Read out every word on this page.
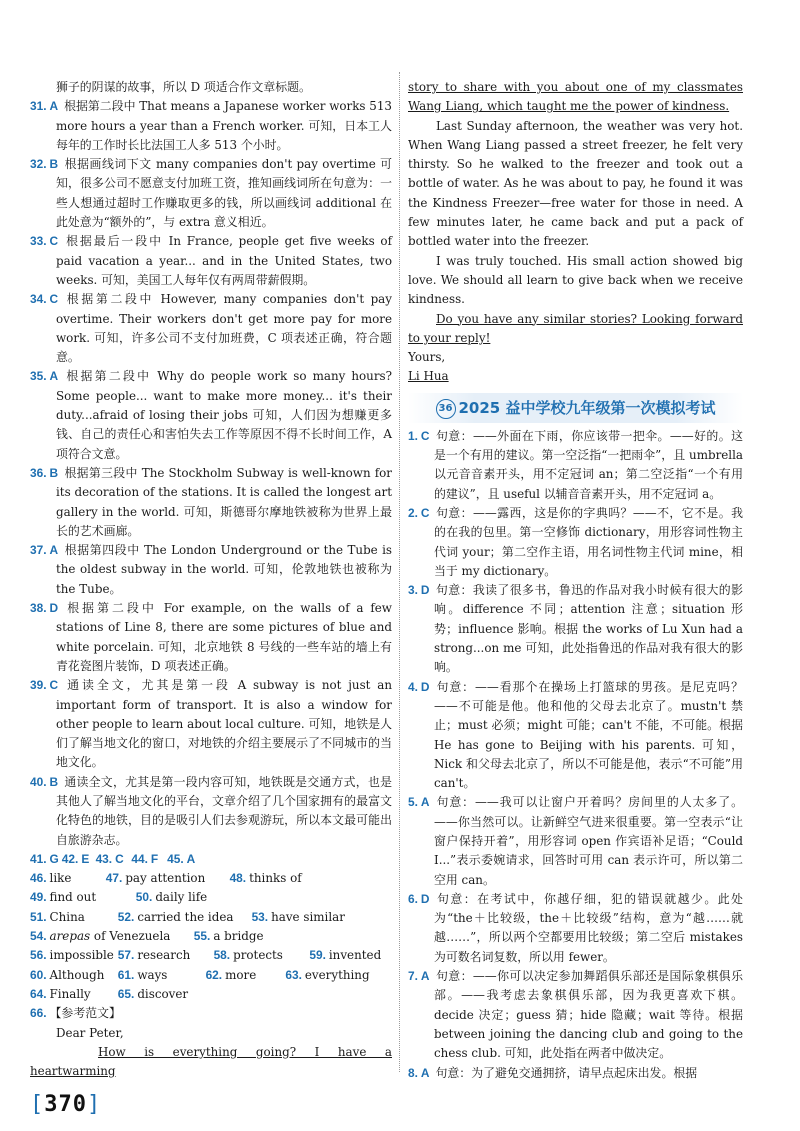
狮子的阴谋的故事，所以 D 项适合作文章标题。

31. A 根据第二段中 That means a Japanese worker works 513 more hours a year than a French worker. 可知，日本工人每年的工作时长比法国工人多 513 个小时。

32. B 根据画线词下文 many companies don't pay overtime 可知，很多公司不愿意支付加班工资，推知画线词所在句意为：一些人想通过超时工作赚取更多的钱，所以画线词 additional 在此处意为“额外的”，与 extra 意义相近。

33. C 根据最后一段中 In France, people get five weeks of paid vacation a year... and in the United States, two weeks. 可知，美国工人每年仅有两周带薪假期。

34. C 根据第二段中 However, many companies don't pay overtime. Their workers don't get more pay for more work. 可知，许多公司不支付加班费，C 项表述正确，符合题意。

35. A 根据第二段中 Why do people work so many hours? Some people... want to make more money... it's their duty...afraid of losing their jobs 可知，人们因为想赚更多钱、自己的责任心和害怕失去工作等原因不得不长时间工作，A 项符合文意。

36. B 根据第三段中 The Stockholm Subway is well-known for its decoration of the stations. It is called the longest art gallery in the world. 可知，斯德哥尔摩地铁被称为世界上最长的艺术画廊。

37. A 根据第四段中 The London Underground or the Tube is the oldest subway in the world. 可知，伦敦地铁也被称为 the Tube。

38. D 根据第二段中 For example, on the walls of a few stations of Line 8, there are some pictures of blue and white porcelain. 可知，北京地铁 8 号线的一些车站的墙上有青花瓷图片装饰，D 项表述正确。

39. C 通读全文，尤其是第一段 A subway is not just an important form of transport. It is also a window for other people to learn about local culture. 可知，地铁是人们了解当地文化的窗口，对地铁的介绍主要展示了不同城市的当地文化。

40. B 通读全文，尤其是第一段内容可知，地铁既是交通方式，也是其他人了解当地文化的平台，文章介绍了几个国家拥有的最富文化特色的地铁，目的是吸引人们去参观游玩，所以本文最可能出自旅游杂志。

41. G 42. E 43. C 44. F 45. A

46. like	47. pay attention 48. thinks of

49. find out	50. daily life

51. China	52. carried the idea 53. have similar

54. arepas of Venezuela 55. a bridge

56. impossible 57. research 58. protects 59. invented

60. Although 61. ways	62. more 63. everything

64. Finally 65. discover

66. 【参考范文】

Dear Peter,

How is everything going? I have a heartwarming

story to share with you about one of my classmates Wang Liang, which taught me the power of kindness.

Last Sunday afternoon, the weather was very hot. When Wang Liang passed a street freezer, he felt very thirsty. So he walked to the freezer and took out a bottle of water. As he was about to pay, he found it was the Kindness Freezer—free water for those in need. A few minutes later, he came back and put a pack of bottled water into the freezer.

I was truly touched. His small action showed big love. We should all learn to give back when we receive kindness.

Do you have any similar stories? Looking forward to your reply!

Yours,

Li Hua

36 2025 益中学校九年级第一次模拟考试

1. C 句意：——外面在下雨，你应该带一把伞。——好的。这是一个有用的建议。第一空泛指“一把雨伞”，且 umbrella 以元音音素开头，用不定冠词 an；第二空泛指“一个有用的建议”，且 useful 以辅音音素开头，用不定冠词 a。

2. C 句意：——露西，这是你的字典吗？——不，它不是。我的在我的包里。第一空修饰 dictionary，用形容词性物主代词 your；第二空作主语，用名词性物主代词 mine，相当于 my dictionary。

3. D 句意：我读了很多书，鲁迅的作品对我小时候有很大的影响。difference 不同；attention 注意；situation 形势；influence 影响。根据 the works of Lu Xun had a strong...on me 可知，此处指鲁迅的作品对我有很大的影响。

4. D 句意：——看那个在操场上打篮球的男孩。是尼克吗？——不可能是他。他和他的父母去北京了。mustn't 禁止；must 必须；might 可能；can't 不能，不可能。根据 He has gone to Beijing with his parents. 可知，Nick 和父母去北京了，所以不可能是他，表示“不可能”用 can't。

5. A 句意：——我可以让窗户开着吗？房间里的人太多了。——你当然可以。让新鲜空气进来很重要。第一空表示“让窗户保持开着”，用形容词 open 作宾语补足语；“Could I...”表示委婉请求，回答时可用 can 表示许可，所以第二空用 can。

6. D 句意：在考试中，你越仔细，犯的错误就越少。此处为“the＋比较级，the＋比较级”结构，意为“越……就越……”，所以两个空都要用比较级；第二空后 mistakes 为可数名词复数，所以用 fewer。

7. A 句意：——你可以决定参加舞蹈俱乐部还是国际象棋俱乐部。——我考虑去象棋俱乐部，因为我更喜欢下棋。decide 决定；guess 猜；hide 隐藏；wait 等待。根据 between joining the dancing club and going to the chess club. 可知，此处指在两者中做决定。

8. A 句意：为了避免交通拥挤，请早点起床出发。根据

[370]
